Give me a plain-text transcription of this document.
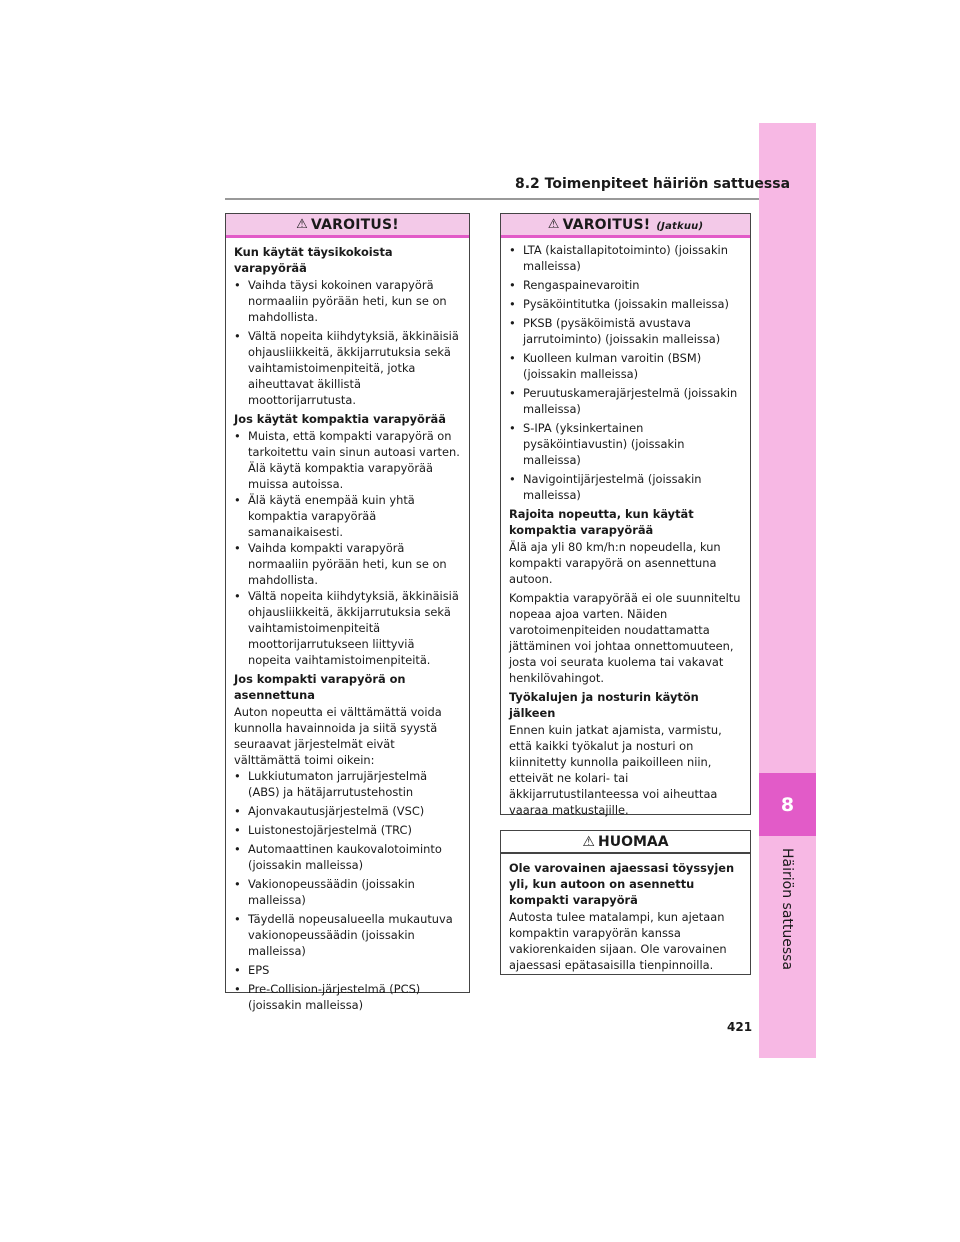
8
Häiriön sattuessa
8.2 Toimenpiteet häiriön sattuessa
421
⚠ VAROITUS!
Kun käytät täysikokoista varapyörää
• Vaihda täysi kokoinen varapyörä normaaliin pyörään heti, kun se on mahdollista.
• Vältä nopeita kiihdytyksiä, äkkinäisiä ohjausliikkeitä, äkkijarrutuksia sekä vaihtamistoimenpiteitä, jotka aiheuttavat äkillistä moottorijarrutusta.
Jos käytät kompaktia varapyörää
• Muista, että kompakti varapyörä on tarkoitettu vain sinun autoasi varten. Älä käytä kompaktia varapyörää muissa autoissa.
• Älä käytä enempää kuin yhtä kompaktia varapyörää samanaikaisesti.
• Vaihda kompakti varapyörä normaaliin pyörään heti, kun se on mahdollista.
• Vältä nopeita kiihdytyksiä, äkkinäisiä ohjausliikkeitä, äkkijarrutuksia sekä vaihtamistoimenpiteitä moottorijarrutukseen liittyviä nopeita vaihtamistoimenpiteitä.
Jos kompakti varapyörä on asennettuna

Auton nopeutta ei välttämättä voida kunnolla havainnoida ja siitä syystä seuraavat järjestelmät eivät välttämättä toimi oikein:

• Lukkiutumaton jarrujärjestelmä (ABS) ja hätäjarrutustehostin
• Ajonvakautusjärjestelmä (VSC)
• Luistonestojärjestelmä (TRC)
• Automaattinen kaukovalotoiminto (joissakin malleissa)
• Vakionopeussäädin (joissakin malleissa)
• Täydellä nopeusalueella mukautuva vakionopeussäädin (joissakin malleissa)
• EPS
• Pre-Collision-järjestelmä (PCS) (joissakin malleissa)
⚠ VAROITUS! (Jatkuu)
• LTA (kaistallapitotoiminto) (joissakin malleissa)
• Rengaspainevaroitin
• Pysäköintitutka (joissakin malleissa)
• PKSB (pysäköimistä avustava jarrutoiminto) (joissakin malleissa)
• Kuolleen kulman varoitin (BSM) (joissakin malleissa)
• Peruutuskamerajärjestelmä (joissakin malleissa)
• S-IPA (yksinkertainen pysäköintiavustin) (joissakin malleissa)
• Navigointijärjestelmä (joissakin malleissa)
Rajoita nopeutta, kun käytät kompaktia varapyörää

Älä aja yli 80 km/h:n nopeudella, kun kompakti varapyörä on asennettuna autoon.

Kompaktia varapyörää ei ole suunniteltu nopeaa ajoa varten. Näiden varotoimenpiteiden noudattamatta jättäminen voi johtaa onnettomuuteen, josta voi seurata kuolema tai vakavat henkilövahingot.

Työkalujen ja nosturin käytön jälkeen

Ennen kuin jatkat ajamista, varmistu, että kaikki työkalut ja nosturi on kiinnitetty kunnolla paikoilleen niin, etteivät ne kolari- tai äkkijarrutustilanteessa voi aiheuttaa vaaraa matkustajille.

⚠ HUOMAA
Ole varovainen ajaessasi töyssyjen yli, kun autoon on asennettu kompakti varapyörä

Autosta tulee matalampi, kun ajetaan kompaktin varapyörän kanssa vakiorenkaiden sijaan. Ole varovainen ajaessasi epätasaisilla tienpinnoilla.
